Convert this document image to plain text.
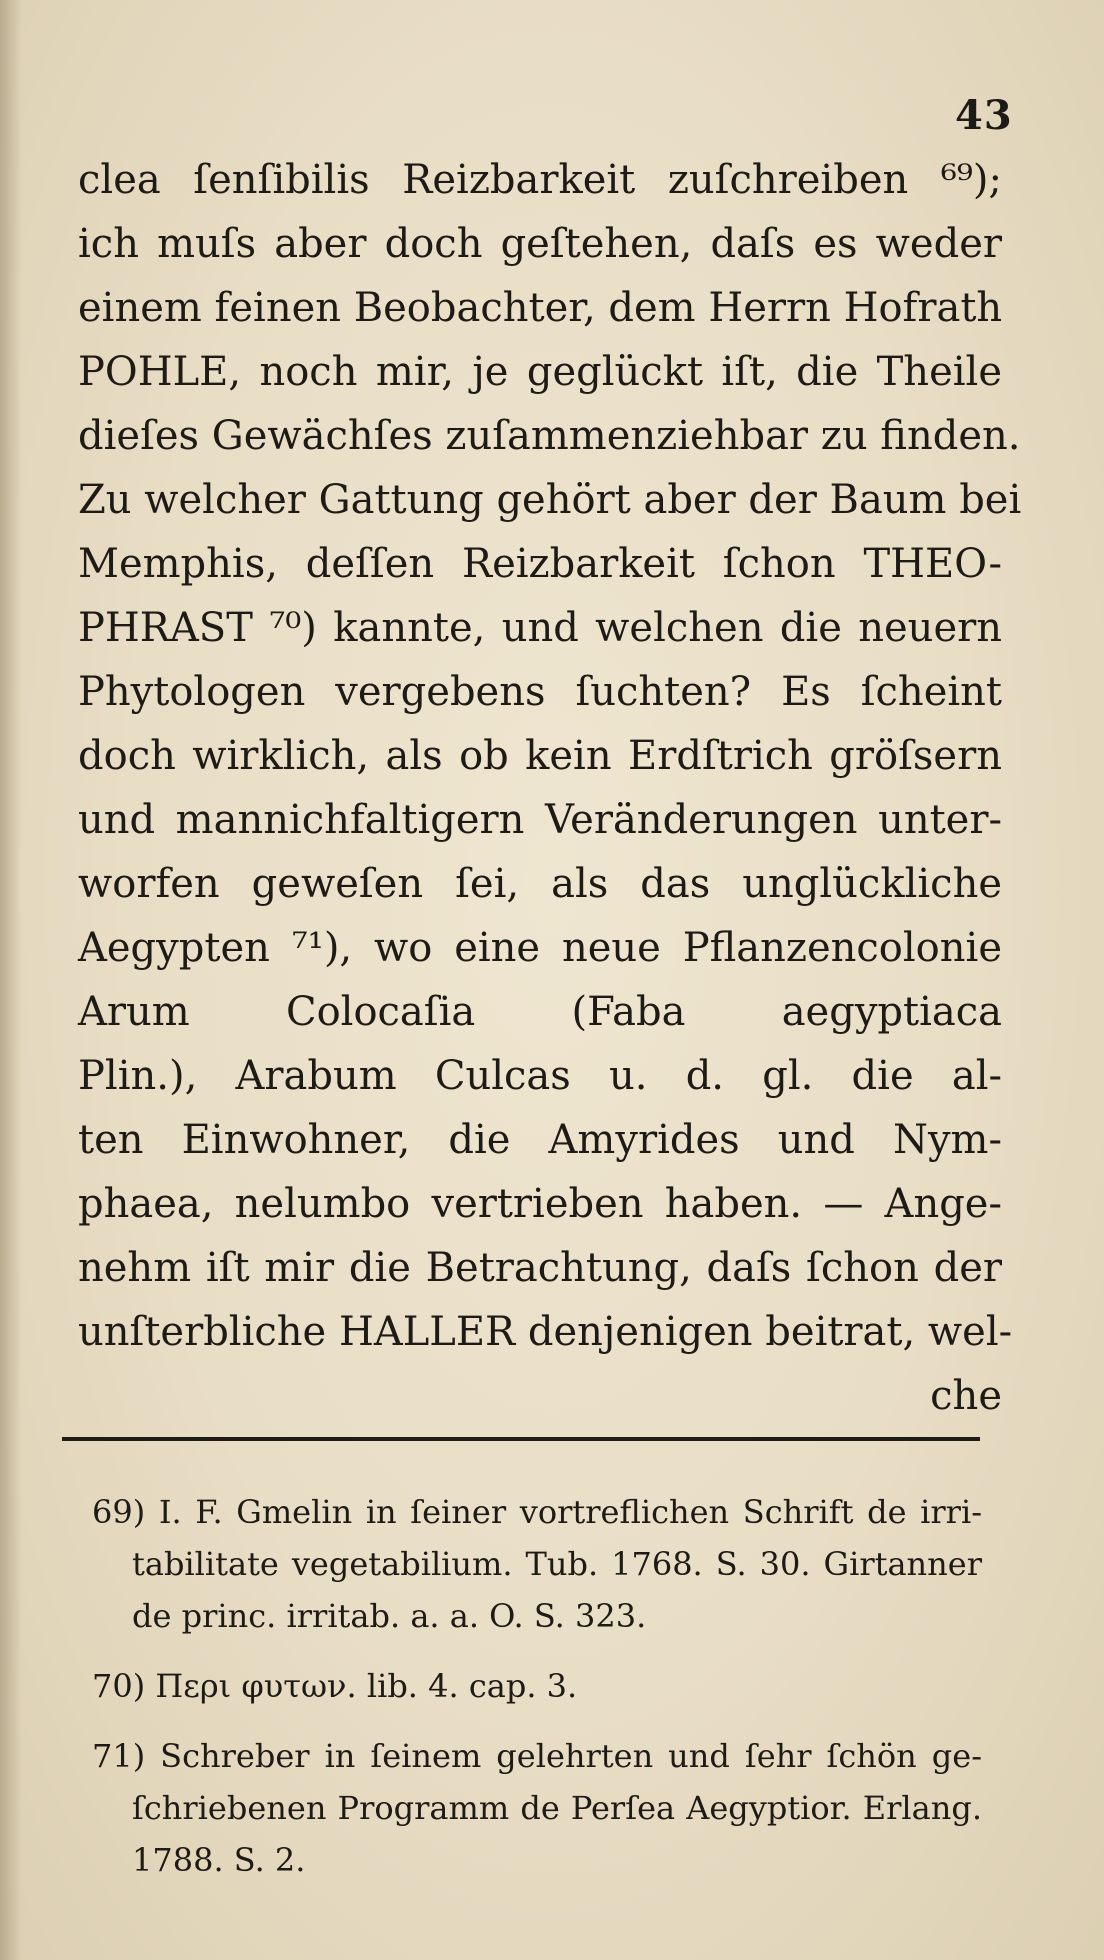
43
clea ſenſibilis Reizbarkeit zuſchreiben ⁶⁹);
ich muſs aber doch geſtehen, daſs es weder
einem feinen Beobachter, dem Herrn Hofrath
POHLE, noch mir, je geglückt iſt, die Theile
dieſes Gewächſes zuſammenziehbar zu finden.
Zu welcher Gattung gehört aber der Baum bei
Memphis, deſſen Reizbarkeit ſchon THEO-
PHRAST ⁷⁰) kannte, und welchen die neuern
Phytologen vergebens ſuchten? Es ſcheint
doch wirklich, als ob kein Erdſtrich gröſsern
und mannichfaltigern Veränderungen unter-
worfen geweſen ſei, als das unglückliche
Aegypten ⁷¹), wo eine neue Pflanzencolonie
Arum Colocaſia (Faba aegyptiaca
Plin.), Arabum Culcas u. d. gl. die al-
ten Einwohner, die Amyrides und Nym-
phaea, nelumbo vertrieben haben. — Ange-
nehm iſt mir die Betrachtung, daſs ſchon der
unſterbliche HALLER denjenigen beitrat, wel-
che
69) I. F. Gmelin in ſeiner vortreflichen Schrift de irri-
tabilitate vegetabilium. Tub. 1768. S. 30. Girtanner
de princ. irritab. a. a. O. S. 323.
70) Περι φυτων. lib. 4. cap. 3.
71) Schreber in ſeinem gelehrten und ſehr ſchön ge-
ſchriebenen Programm de Perſea Aegyptior. Erlang.
1788. S. 2.
